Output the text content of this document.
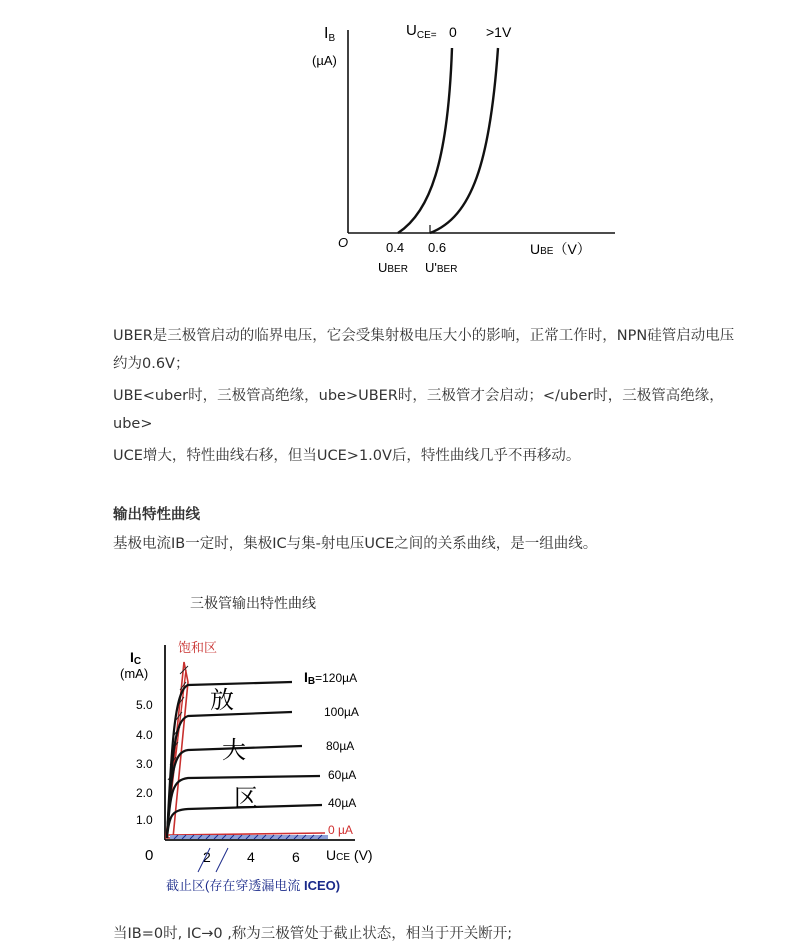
IB
(µA)
$U_{CE=}$ 0 >1V
O	0.4 0.6
UBER U'BER
UBE（V）

UBER是三极管启动的临界电压，它会受集射极电压大小的影响，正常工作时，NPN硅管启动电压
约为0.6V；

UBE<uber时，三极管高绝缘，ube>UBER时，三极管才会启动；</uber时，三极管高绝缘，
ube>

UCE增大，特性曲线右移，但当UCE>1.0V后，特性曲线几乎不再移动。

输出特性曲线

基极电流IB一定时，集极IC与集-射电压UCE之间的关系曲线，是一组曲线。

三极管输出特性曲线
饱和区
IC
(mA)
5.0
4.0
3.0
2.0
1.0
0	2	4	6 UCE (V)
IB=120µA
100µA
80µA
60µA
40µA
0 µA
放
大
区
截止区(存在穿透漏电流 ICEO)

当IB=0时, IC→0 ,称为三极管处于截止状态，相当于开关断开;
